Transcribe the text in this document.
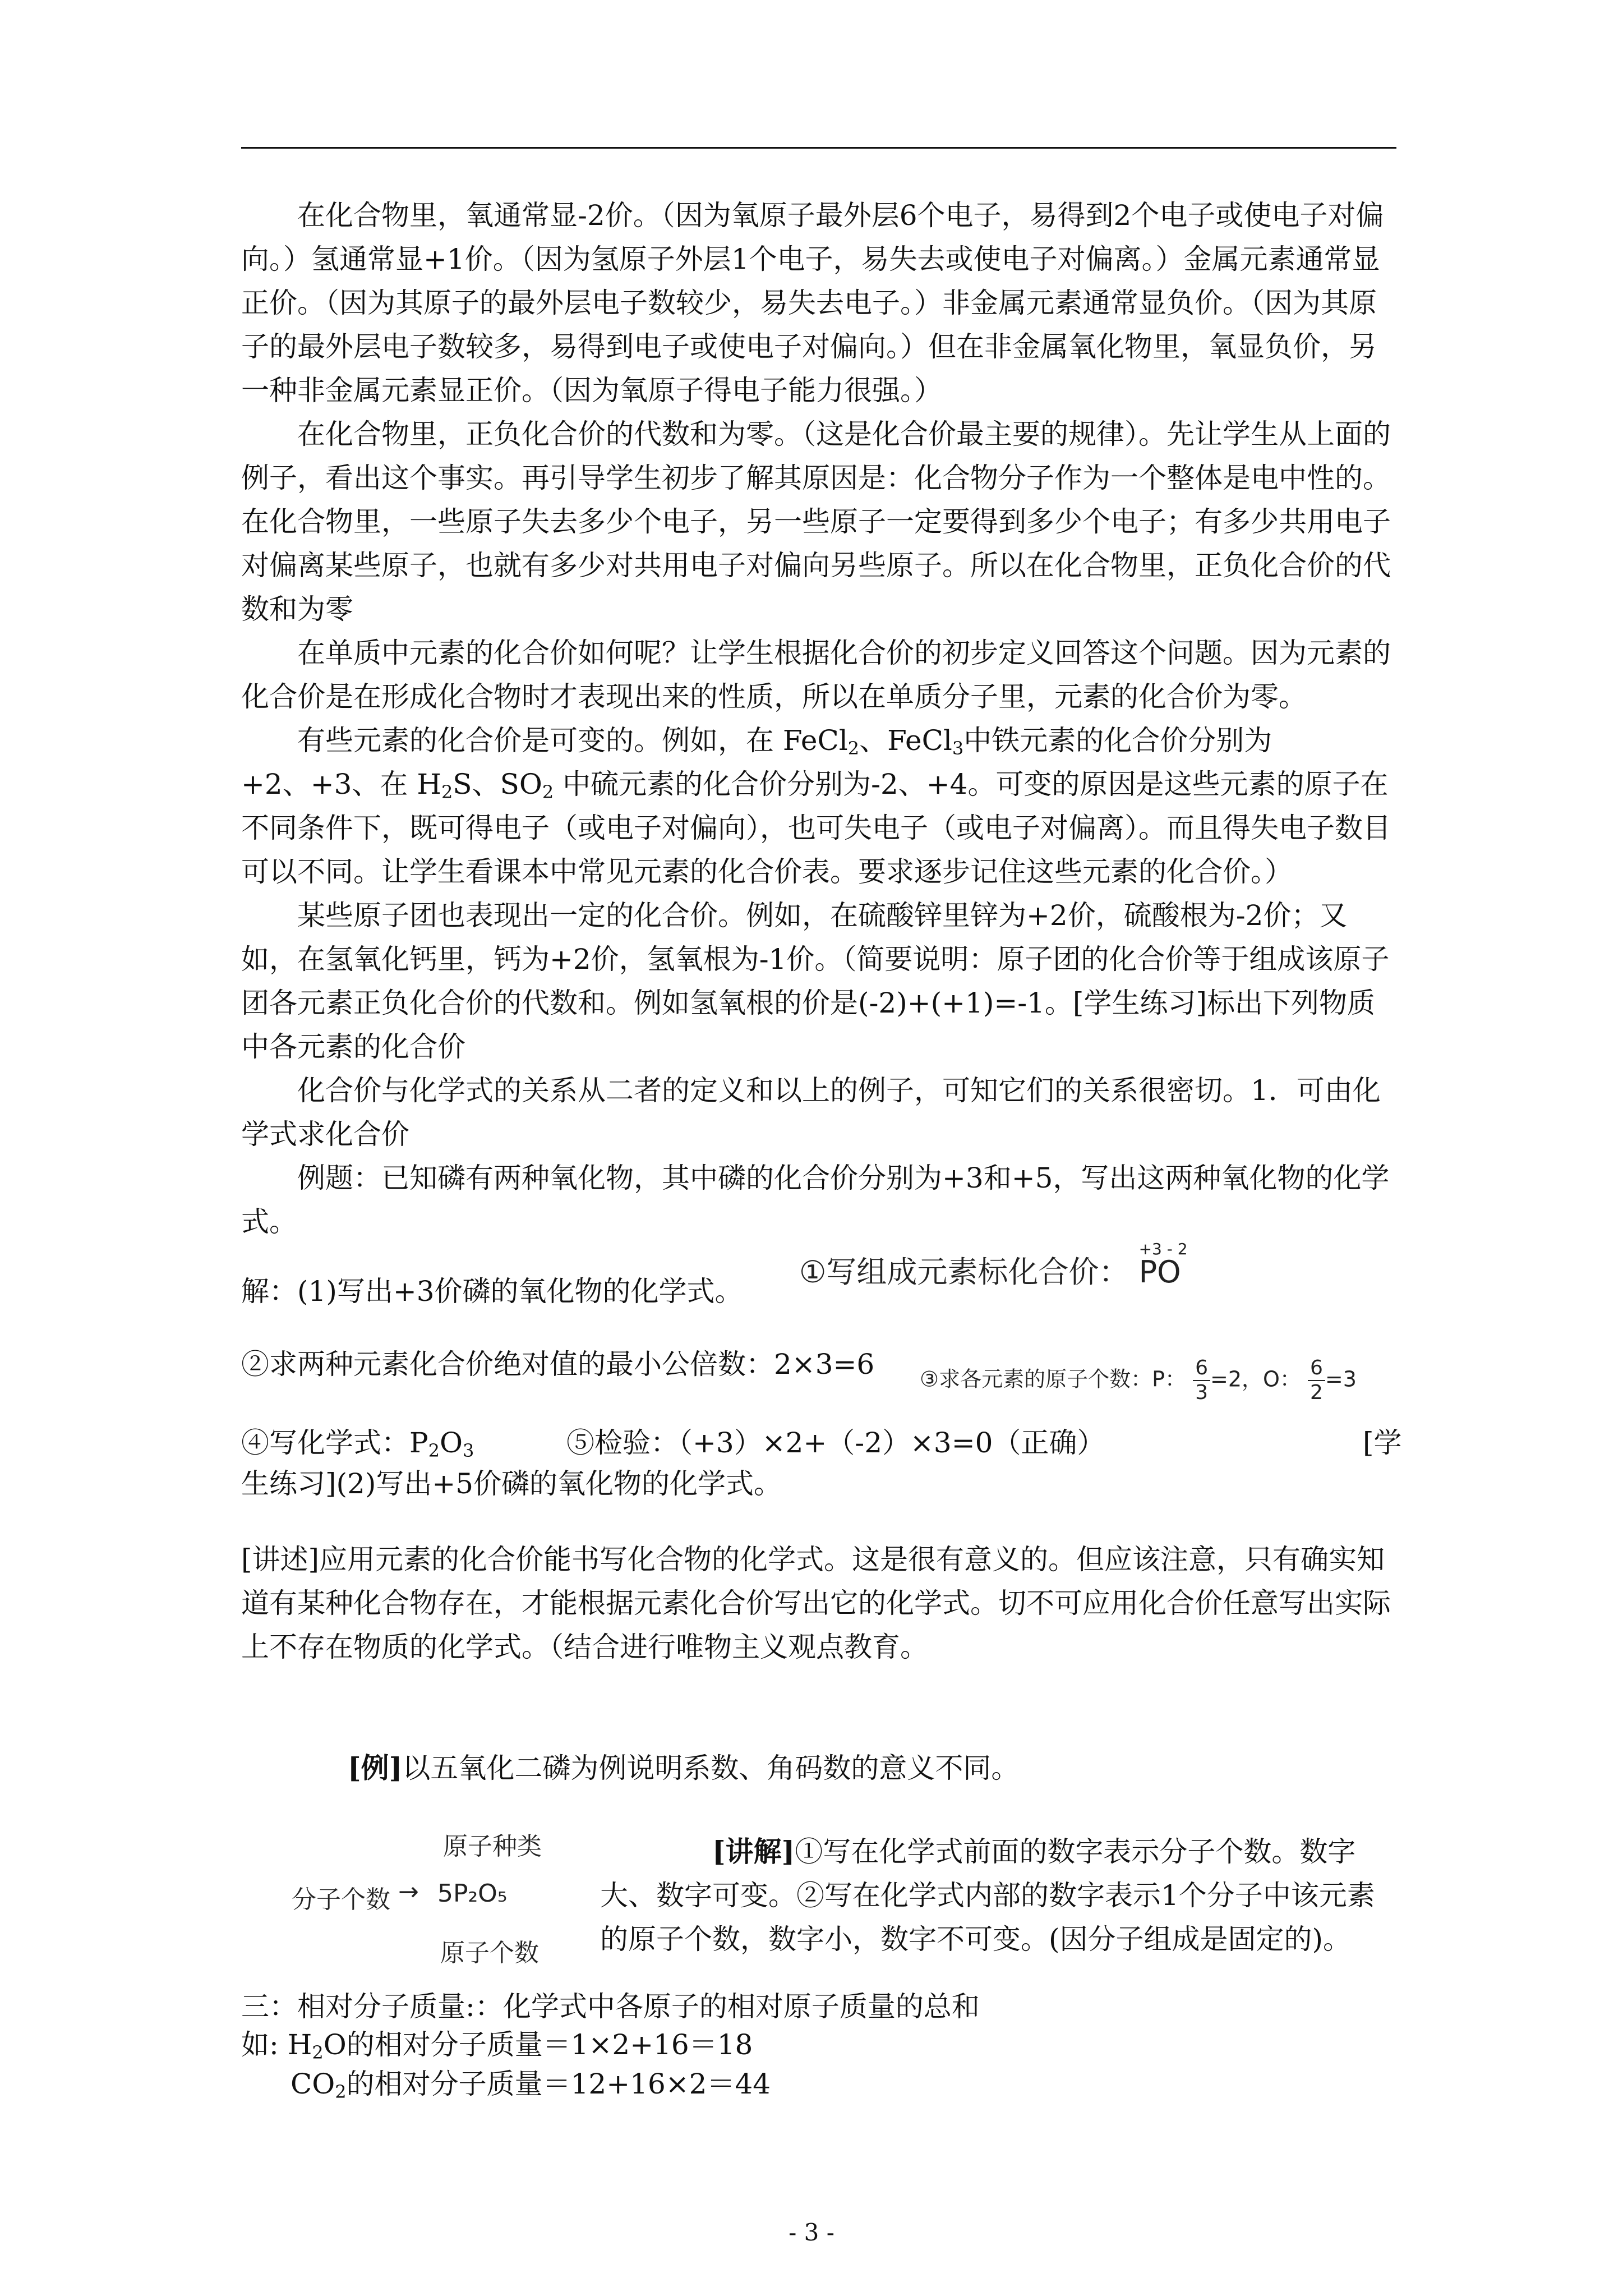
在化合物里，氧通常显-2价。（因为氧原子最外层6个电子，易得到2个电子或使电子对偏向。）氢通常显+1价。（因为氢原子外层1个电子，易失去或使电子对偏离。）金属元素通常显正价。（因为其原子的最外层电子数较少，易失去电子。）非金属元素通常显负价。（因为其原子的最外层电子数较多，易得到电子或使电子对偏向。）但在非金属氧化物里，氧显负价，另一种非金属元素显正价。（因为氧原子得电子能力很强。）

在化合物里，正负化合价的代数和为零。（这是化合价最主要的规律）。先让学生从上面的例子，看出这个事实。再引导学生初步了解其原因是：化合物分子作为一个整体是电中性的。在化合物里，一些原子失去多少个电子，另一些原子一定要得到多少个电子；有多少共用电子对偏离某些原子，也就有多少对共用电子对偏向另些原子。所以在化合物里，正负化合价的代数和为零

在单质中元素的化合价如何呢？让学生根据化合价的初步定义回答这个问题。因为元素的化合价是在形成化合物时才表现出来的性质，所以在单质分子里，元素的化合价为零。

有些元素的化合价是可变的。例如，在 FeCl$_2$、FeCl$_3$中铁元素的化合价分别为+2、+3、在 $H_2S$、$SO_2$ 中硫元素的化合价分别为-2、+4。可变的原因是这些元素的原子在不同条件下，既可得电子（或电子对偏向），也可失电子（或电子对偏离）。而且得失电子数目可以不同。让学生看课本中常见元素的化合价表。要求逐步记住这些元素的化合价。）

某些原子团也表现出一定的化合价。例如，在硫酸锌里锌为+2价，硫酸根为-2价；又如，在氢氧化钙里，钙为+2价，氢氧根为-1价。（简要说明：原子团的化合价等于组成该原子团各元素正负化合价的代数和。例如氢氧根的价是(-2)+(+1)=-1。[学生练习]标出下列物质中各元素的化合价

化合价与化学式的关系从二者的定义和以上的例子，可知它们的关系很密切。1．可由化学式求化合价

例题：已知磷有两种氧化物，其中磷的化合价分别为+3和+5，写出这两种氧化物的化学式。

解：(1)写出+3价磷的氧化物的化学式。
①写组成元素标化合价：
+3 - 2
PO
②求两种元素化合价绝对值的最小公倍数：2×3=6 ③求各元素的原子个数：P： $\frac{6}{3} =2$，O： $\frac{6}{2} =3$
④写化学式：$P_2O_3$	⑤检验：（+3）×2+（-2）×3=0（正确）	[学
生练习](2)写出+5价磷的氧化物的化学式。

[讲述]应用元素的化合价能书写化合物的化学式。这是很有意义的。但应该注意，只有确实知道有某种化合物存在，才能根据元素化合价写出它的化学式。切不可应用化合价任意写出实际上不存在物质的化学式。（结合进行唯物主义观点教育。

[例]以五氧化二磷为例说明系数、角码数的意义不同。
原子种类
分子个数 → 5P₂O₅
原子个数

[讲解]①写在化学式前面的数字表示分子个数。数字大、数字可变。②写在化学式内部的数字表示1个分子中该元素的原子个数，数字小，数字不可变。(因分子组成是固定的)。

三：相对分子质量:：化学式中各原子的相对原子质量的总和
如: $H_2O$的相对分子质量＝1×2+16＝18
$CO_2$的相对分子质量＝12+16×2＝44
- 3 -
